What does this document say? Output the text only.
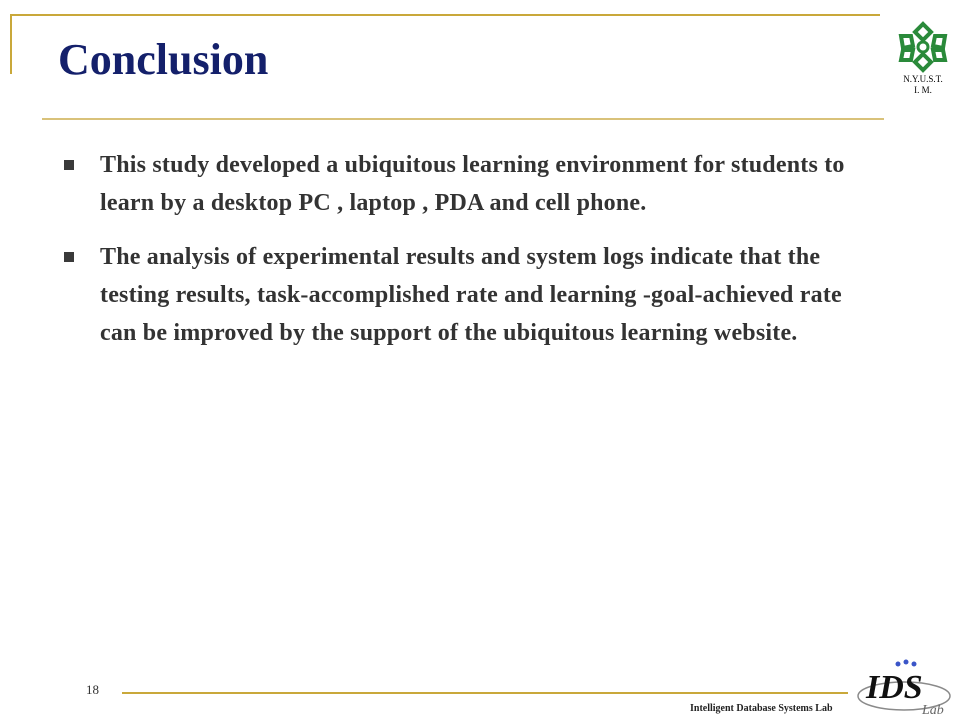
Conclusion	N.Y.U.S.T.
I. M.
This study developed a ubiquitous learning environment for students to learn by a desktop PC , laptop , PDA and cell phone.
The analysis of experimental results and system logs indicate that the testing results, task-accomplished rate and learning -goal-achieved rate can be improved by the support of the ubiquitous learning website.
18
Intelligent Database Systems Lab
IDS
Lab
